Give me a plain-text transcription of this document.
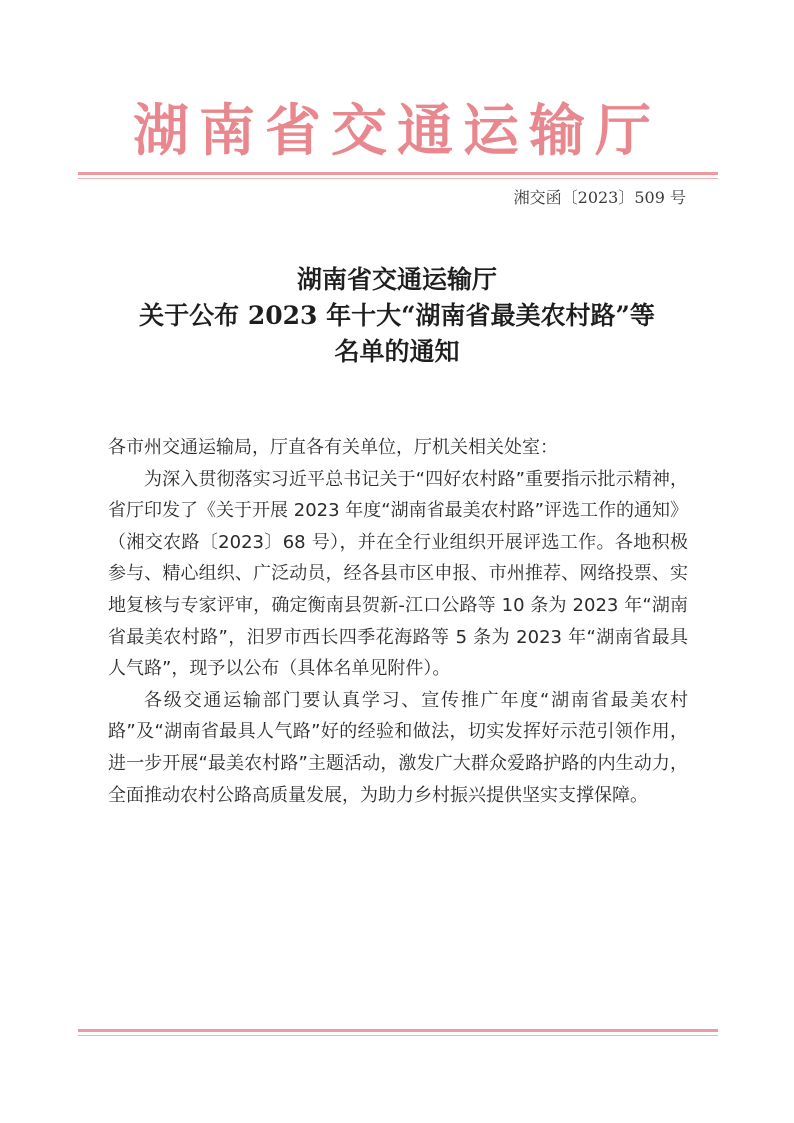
湖南省交通运输厅
湘交函〔2023〕509 号
湖南省交通运输厅
关于公布 2023 年十大“湖南省最美农村路”等
名单的通知

各市州交通运输局，厅直各有关单位，厅机关相关处室：

为深入贯彻落实习近平总书记关于“四好农村路”重要指示批示精神，省厅印发了《关于开展 2023 年度“湖南省最美农村路”评选工作的通知》（湘交农路〔2023〕68 号），并在全行业组织开展评选工作。各地积极参与、精心组织、广泛动员，经各县市区申报、市州推荐、网络投票、实地复核与专家评审，确定衡南县贺新-江口公路等 10 条为 2023 年“湖南省最美农村路”，汨罗市西长四季花海路等 5 条为 2023 年“湖南省最具人气路”，现予以公布（具体名单见附件）。

各级交通运输部门要认真学习、宣传推广年度“湖南省最美农村路”及“湖南省最具人气路”好的经验和做法，切实发挥好示范引领作用，进一步开展“最美农村路”主题活动，激发广大群众爱路护路的内生动力，全面推动农村公路高质量发展，为助力乡村振兴提供坚实支撑保障。
